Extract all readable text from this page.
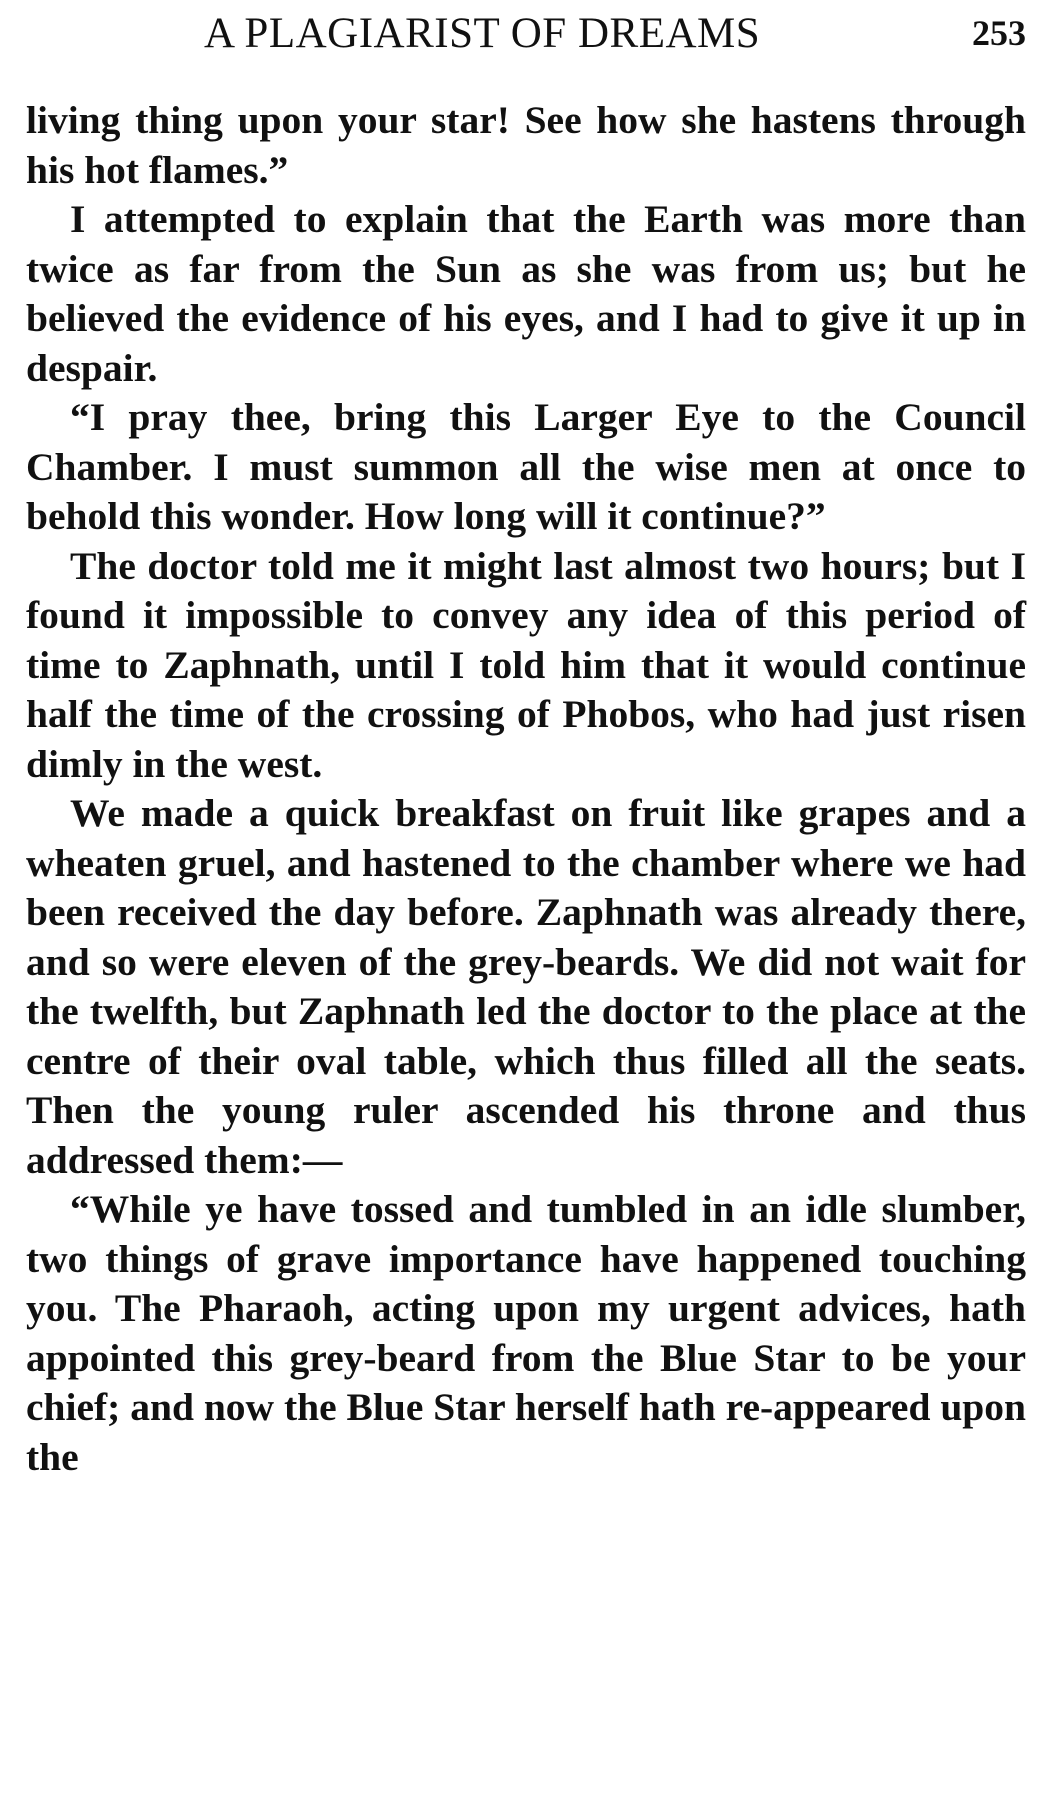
A PLAGIARIST OF DREAMS	253

living thing upon your star! See how she hastens through his hot flames.”

I attempted to explain that the Earth was more than twice as far from the Sun as she was from us; but he believed the evidence of his eyes, and I had to give it up in despair.

“I pray thee, bring this Larger Eye to the Council Chamber. I must summon all the wise men at once to behold this wonder. How long will it continue?”

The doctor told me it might last almost two hours; but I found it impossible to convey any idea of this period of time to Zaphnath, until I told him that it would continue half the time of the crossing of Phobos, who had just risen dimly in the west.

We made a quick breakfast on fruit like grapes and a wheaten gruel, and hastened to the chamber where we had been received the day before. Zaphnath was already there, and so were eleven of the grey-beards. We did not wait for the twelfth, but Zaphnath led the doctor to the place at the centre of their oval table, which thus filled all the seats. Then the young ruler ascended his throne and thus addressed them:—

“While ye have tossed and tumbled in an idle slumber, two things of grave importance have happened touching you. The Pharaoh, acting upon my urgent advices, hath appointed this grey-beard from the Blue Star to be your chief; and now the Blue Star herself hath re-appeared upon the
